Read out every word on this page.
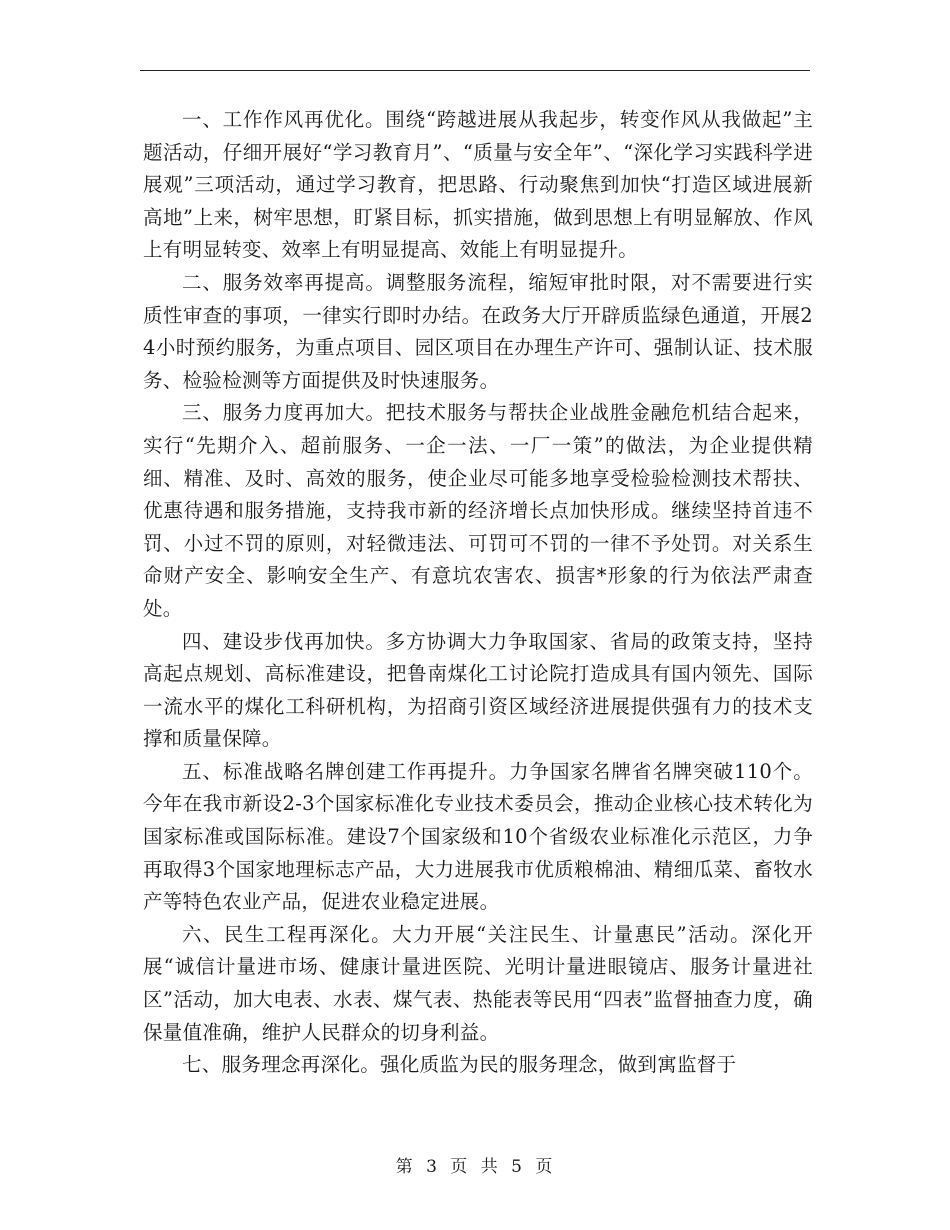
一、工作作风再优化。围绕“跨越进展从我起步，转变作风从我做起”主题活动，仔细开展好“学习教育月”、“质量与安全年”、“深化学习实践科学进展观”三项活动，通过学习教育，把思路、行动聚焦到加快“打造区域进展新高地”上来，树牢思想，盯紧目标，抓实措施，做到思想上有明显解放、作风上有明显转变、效率上有明显提高、效能上有明显提升。

二、服务效率再提高。调整服务流程，缩短审批时限，对不需要进行实质性审查的事项，一律实行即时办结。在政务大厅开辟质监绿色通道，开展24小时预约服务，为重点项目、园区项目在办理生产许可、强制认证、技术服务、检验检测等方面提供及时快速服务。

三、服务力度再加大。把技术服务与帮扶企业战胜金融危机结合起来，实行“先期介入、超前服务、一企一法、一厂一策”的做法，为企业提供精细、精准、及时、高效的服务，使企业尽可能多地享受检验检测技术帮扶、优惠待遇和服务措施，支持我市新的经济增长点加快形成。继续坚持首违不罚、小过不罚的原则，对轻微违法、可罚可不罚的一律不予处罚。对关系生命财产安全、影响安全生产、有意坑农害农、损害*形象的行为依法严肃查处。

四、建设步伐再加快。多方协调大力争取国家、省局的政策支持，坚持高起点规划、高标准建设，把鲁南煤化工讨论院打造成具有国内领先、国际一流水平的煤化工科研机构，为招商引资区域经济进展提供强有力的技术支撑和质量保障。

五、标准战略名牌创建工作再提升。力争国家名牌省名牌突破110个。今年在我市新设2-3个国家标准化专业技术委员会，推动企业核心技术转化为国家标准或国际标准。建设7个国家级和10个省级农业标准化示范区，力争再取得3个国家地理标志产品，大力进展我市优质粮棉油、精细瓜菜、畜牧水产等特色农业产品，促进农业稳定进展。

六、民生工程再深化。大力开展“关注民生、计量惠民”活动。深化开展“诚信计量进市场、健康计量进医院、光明计量进眼镜店、服务计量进社区”活动，加大电表、水表、煤气表、热能表等民用“四表”监督抽查力度，确保量值准确，维护人民群众的切身利益。

七、服务理念再深化。强化质监为民的服务理念，做到寓监督于

第 3 页 共 5 页
